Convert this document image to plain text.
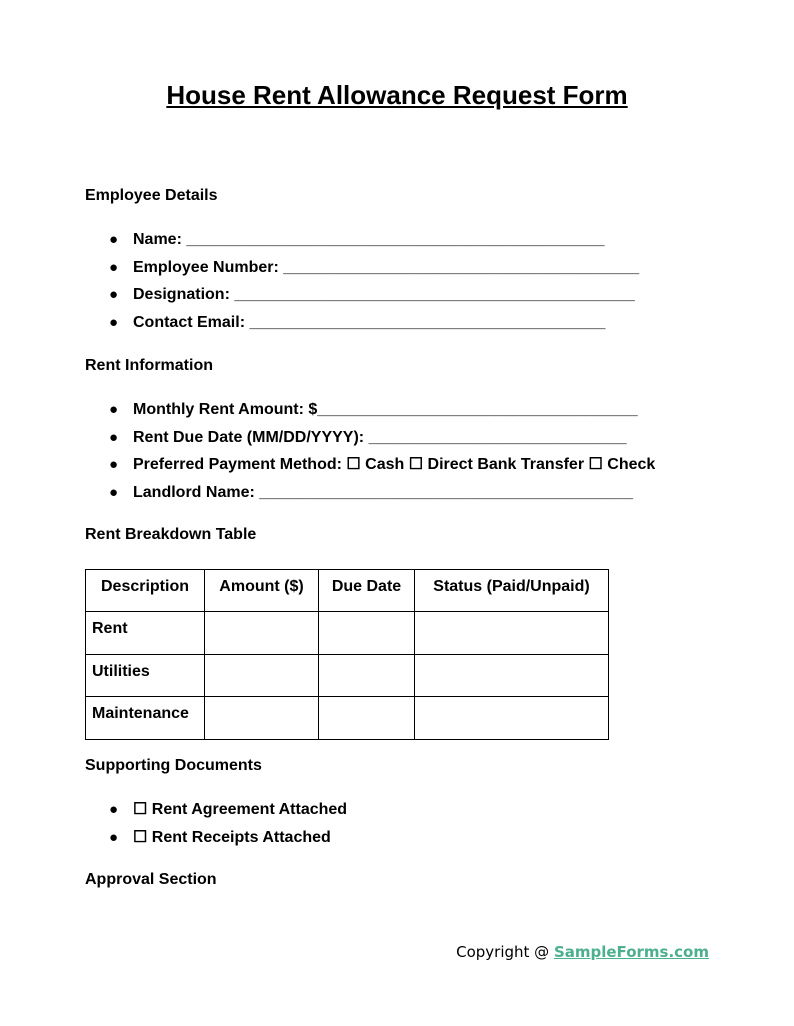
House Rent Allowance Request Form

Employee Details

● Name: _______________________________________________
● Employee Number: ________________________________________
● Designation: _____________________________________________
● Contact Email: ________________________________________

Rent Information

● Monthly Rent Amount: $____________________________________
● Rent Due Date (MM/DD/YYYY): _____________________________
● Preferred Payment Method: ☐ Cash ☐ Direct Bank Transfer ☐ Check
● Landlord Name: __________________________________________

Rent Breakdown Table

Description	Amount ($)	Due Date	Status (Paid/Unpaid)
Rent			
Utilities			
Maintenance			

Supporting Documents

● ☐ Rent Agreement Attached
● ☐ Rent Receipts Attached

Approval Section

Copyright @ SampleForms.com
